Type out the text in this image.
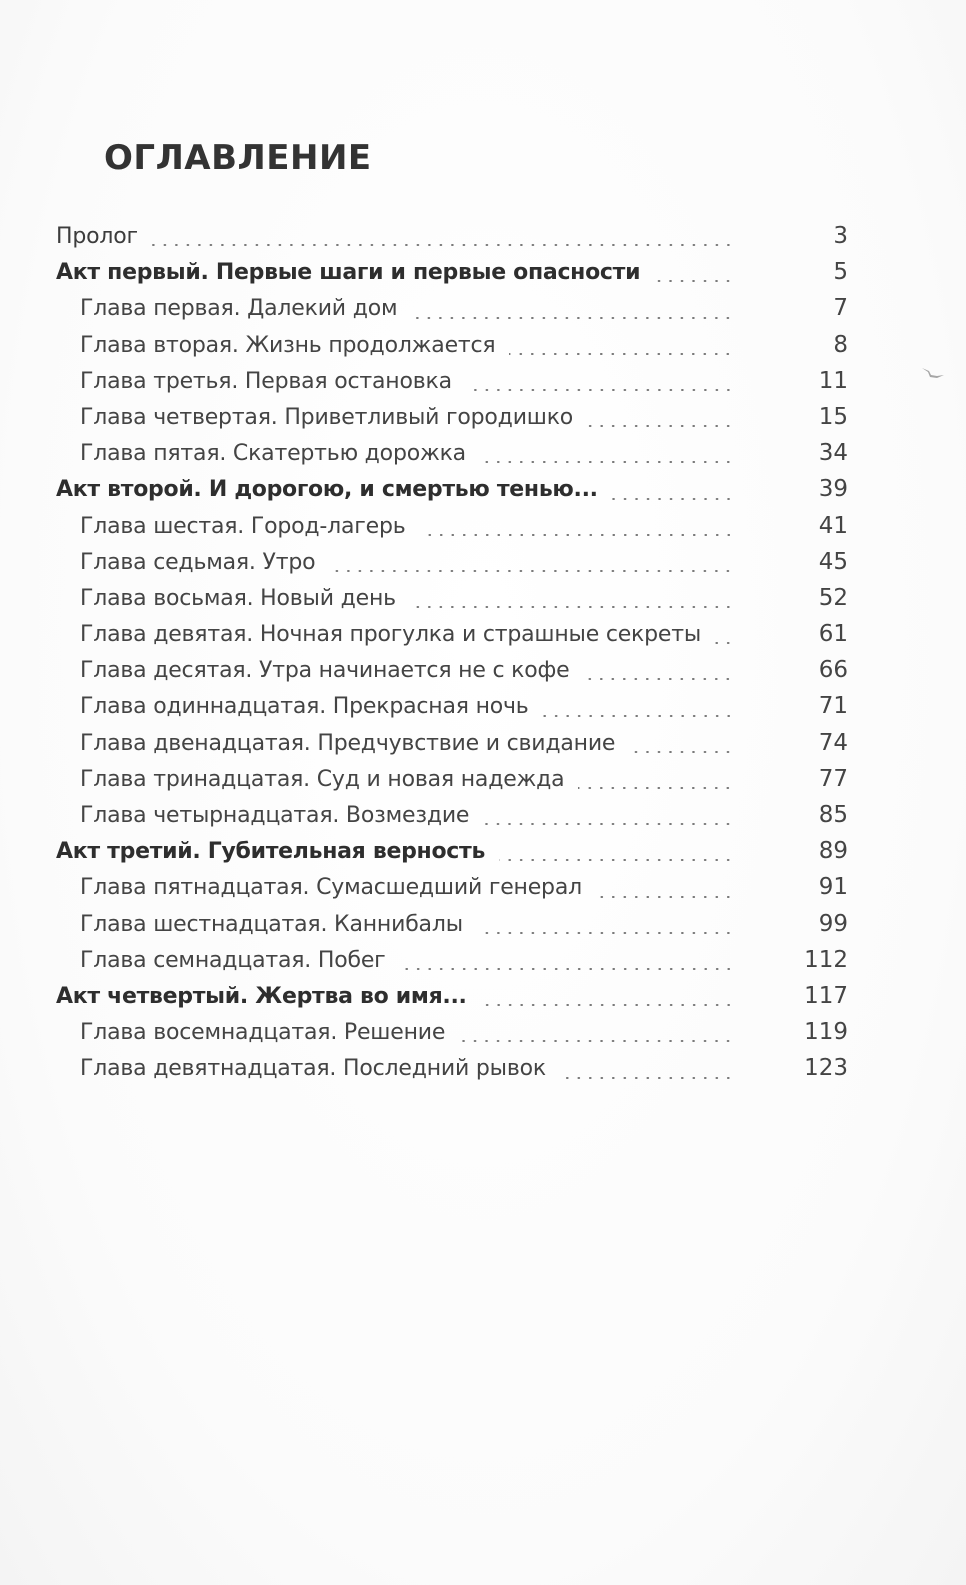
ОГЛАВЛЕНИЕ
Пролог	3
Акт первый. Первые шаги и первые опасности	5
Глава первая. Далекий дом	7
Глава вторая. Жизнь продолжается	8
Глава третья. Первая остановка	11
Глава четвертая. Приветливый городишко	15
Глава пятая. Скатертью дорожка	34
Акт второй. И дорогою, и смертью тенью...	39
Глава шестая. Город-лагерь	41
Глава седьмая. Утро	45
Глава восьмая. Новый день	52
Глава девятая. Ночная прогулка и страшные секреты	61
Глава десятая. Утра начинается не с кофе	66
Глава одиннадцатая. Прекрасная ночь	71
Глава двенадцатая. Предчувствие и свидание	74
Глава тринадцатая. Суд и новая надежда	77
Глава четырнадцатая. Возмездие	85
Акт третий. Губительная верность	89
Глава пятнадцатая. Сумасшедший генерал	91
Глава шестнадцатая. Каннибалы	99
Глава семнадцатая. Побег	112
Акт четвертый. Жертва во имя...	117
Глава восемнадцатая. Решение	119
Глава девятнадцатая. Последний рывок	123
